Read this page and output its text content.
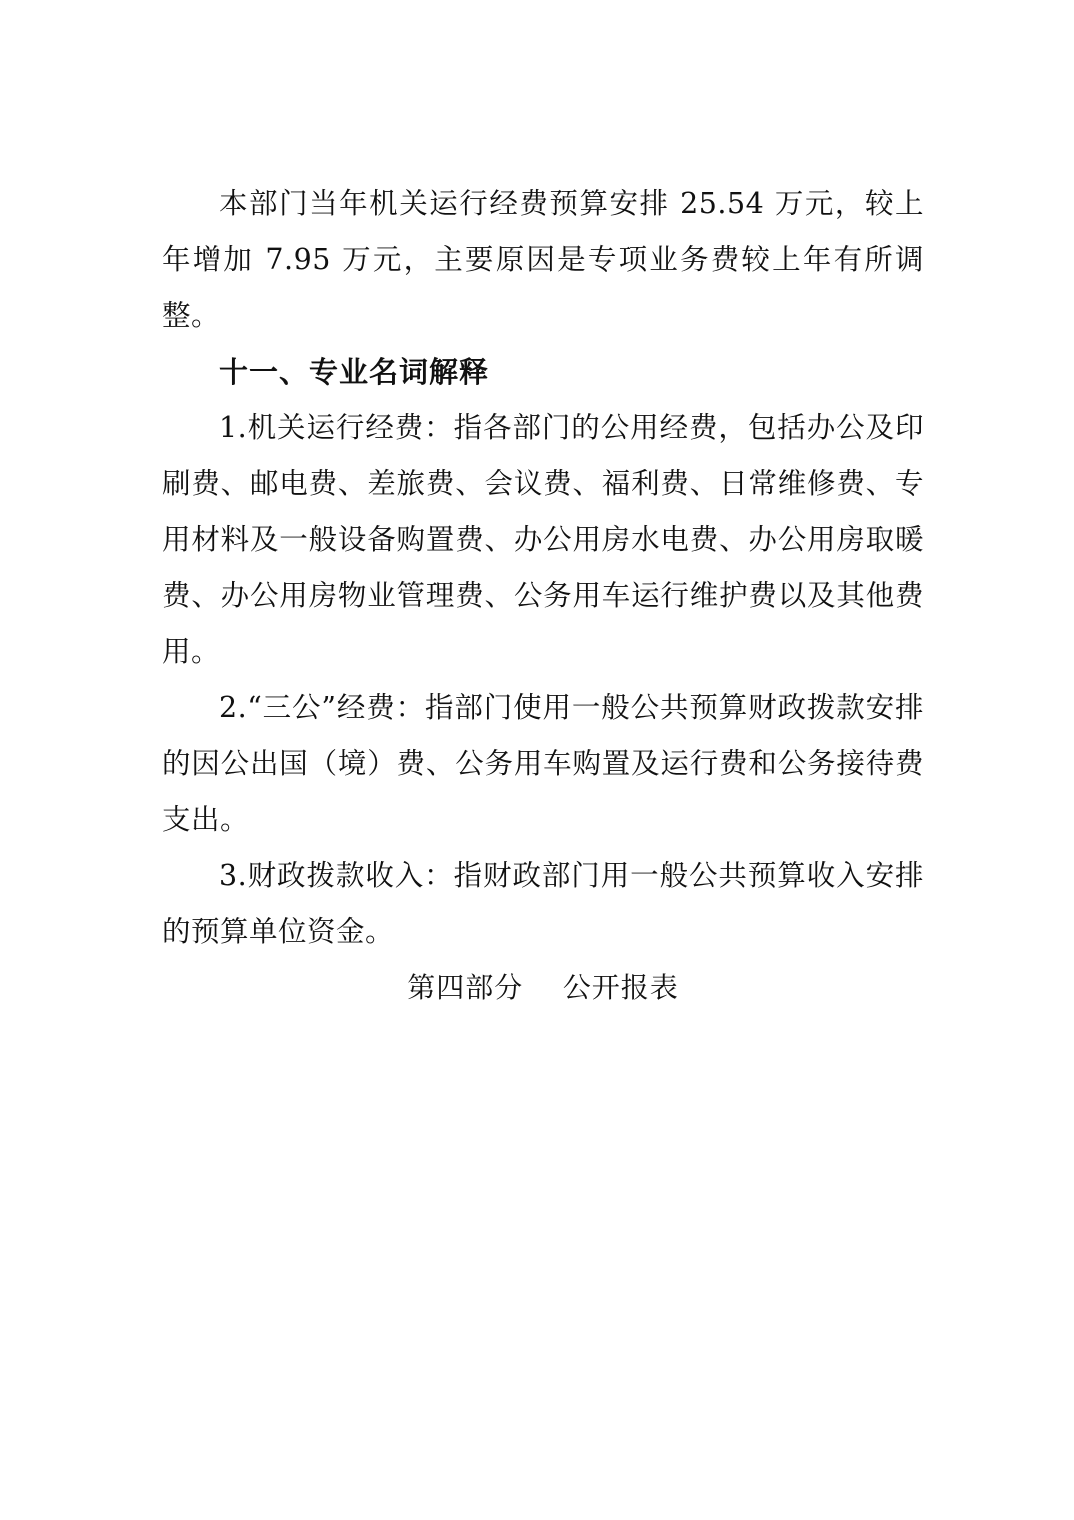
本部门当年机关运行经费预算安排 25.54 万元，较上年增加 7.95 万元，主要原因是专项业务费较上年有所调整。

十一、专业名词解释

1.机关运行经费：指各部门的公用经费，包括办公及印刷费、邮电费、差旅费、会议费、福利费、日常维修费、专用材料及一般设备购置费、办公用房水电费、办公用房取暖费、办公用房物业管理费、公务用车运行维护费以及其他费用。

2.“三公”经费：指部门使用一般公共预算财政拨款安排的因公出国（境）费、公务用车购置及运行费和公务接待费支出。

3.财政拨款收入：指财政部门用一般公共预算收入安排的预算单位资金。

第四部分    公开报表
